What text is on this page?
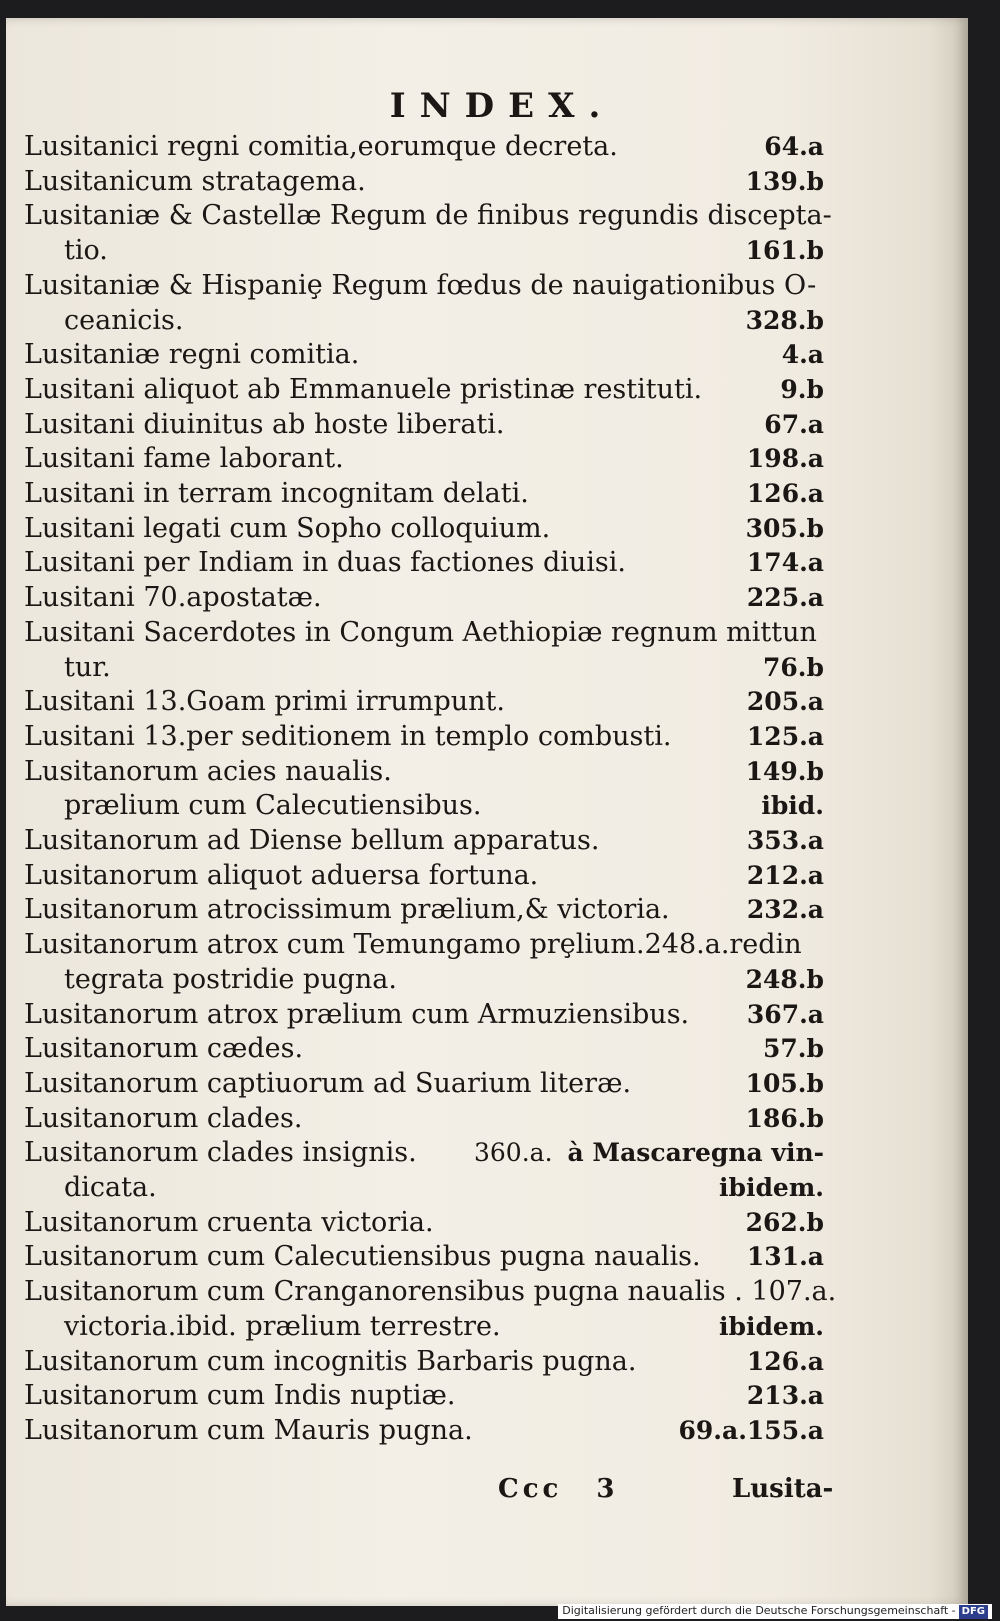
INDEX.
Lusitanici regni comitia,eorumque decreta.	64.a
Lusitanicum stratagema.	139.b
Lusitaniæ & Castellæ Regum de finibus regundis discepta-
tio.	161.b
Lusitaniæ & Hispaniȩ Regum fœdus de nauigationibus O-
ceanicis.	328.b
Lusitaniæ regni comitia.	4.a
Lusitani aliquot ab Emmanuele pristinæ restituti.	9.b
Lusitani diuinitus ab hoste liberati.	67.a
Lusitani fame laborant.	198.a
Lusitani in terram incognitam delati.	126.a
Lusitani legati cum Sopho colloquium.	305.b
Lusitani per Indiam in duas factiones diuisi.	174.a
Lusitani 70.apostatæ.	225.a
Lusitani Sacerdotes in Congum Aethiopiæ regnum mittun
tur.	76.b
Lusitani 13.Goam primi irrumpunt.	205.a
Lusitani 13.per seditionem in templo combusti.	125.a
Lusitanorum acies naualis.	149.b
prælium cum Calecutiensibus.	ibid.
Lusitanorum ad Diense bellum apparatus.	353.a
Lusitanorum aliquot aduersa fortuna.	212.a
Lusitanorum atrocissimum prælium,& victoria.	232.a
Lusitanorum atrox cum Temungamo prȩlium.248.a.redin
tegrata postridie pugna.	248.b
Lusitanorum atrox prælium cum Armuziensibus. 367.a
Lusitanorum cædes.	57.b
Lusitanorum captiuorum ad Suarium literæ.	105.b
Lusitanorum clades.	186.b
Lusitanorum clades insignis. 360.a. à Mascaregna vin-
dicata.	ibidem.
Lusitanorum cruenta victoria.	262.b
Lusitanorum cum Calecutiensibus pugna naualis. 131.a
Lusitanorum cum Cranganorensibus pugna naualis . 107.a.
victoria.ibid. prælium terrestre.	ibidem.
Lusitanorum cum incognitis Barbaris pugna.	126.a
Lusitanorum cum Indis nuptiæ.	213.a
Lusitanorum cum Mauris pugna.	69.a.155.a
Ccc 3	Lusita-
Digitalisierung gefördert durch die Deutsche Forschungsgemeinschaft - DFG
